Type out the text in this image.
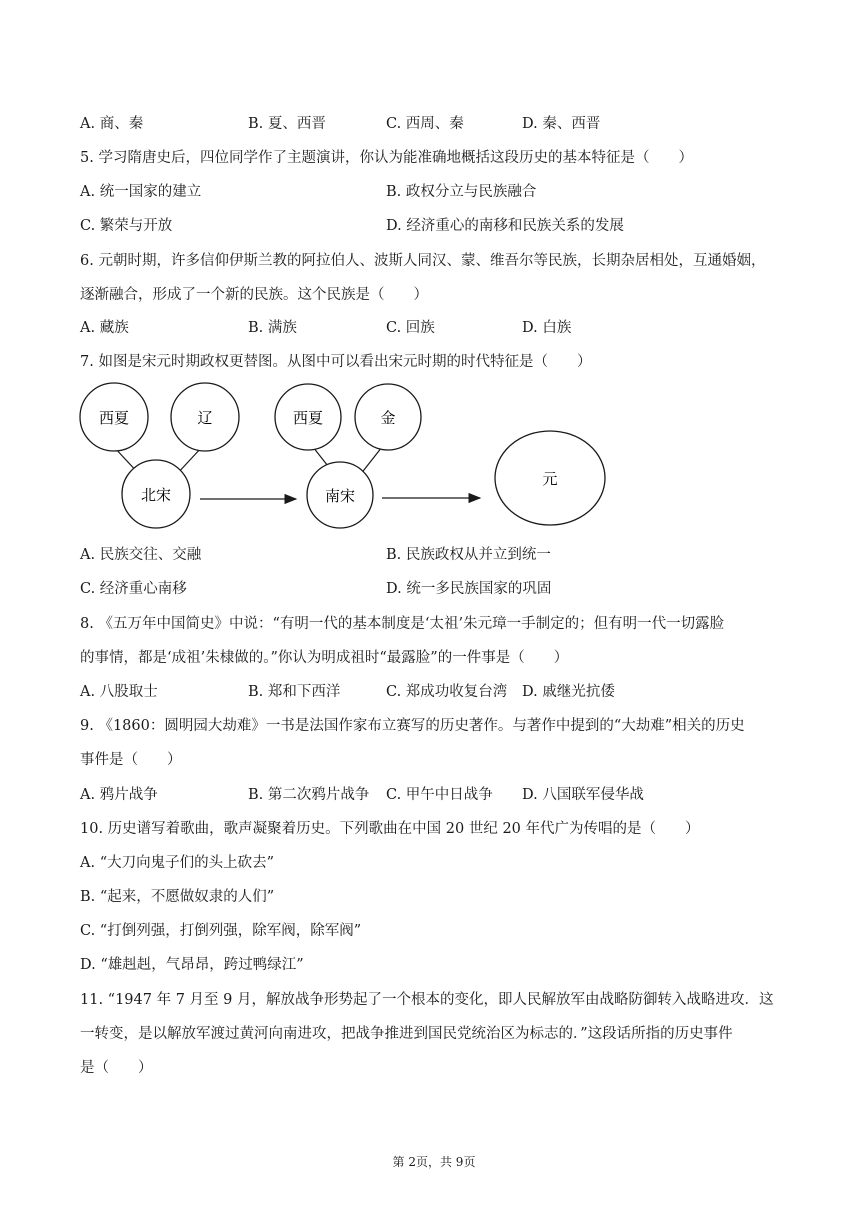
A. 商、秦	B. 夏、西晋	C. 西周、秦	D. 秦、西晋
5. 学习隋唐史后，四位同学作了主题演讲，你认为能准确地概括这段历史的基本特征是（　　）
A. 统一国家的建立	B. 政权分立与民族融合
C. 繁荣与开放	D. 经济重心的南移和民族关系的发展
6. 元朝时期，许多信仰伊斯兰教的阿拉伯人、波斯人同汉、蒙、维吾尔等民族，长期杂居相处，互通婚姻，
逐渐融合，形成了一个新的民族。这个民族是（　　）
A. 藏族	B. 满族	C. 回族	D. 白族
7. 如图是宋元时期政权更替图。从图中可以看出宋元时期的时代特征是（　　）
西夏	辽
北宋
西夏	金
南宋
元
A. 民族交往、交融	B. 民族政权从并立到统一
C. 经济重心南移	D. 统一多民族国家的巩固
8. 《五万年中国简史》中说：“有明一代的基本制度是‘太祖’朱元璋一手制定的；但有明一代一切露脸
的事情，都是‘成祖’朱棣做的。”你认为明成祖时“最露脸”的一件事是（　　）
A. 八股取士	B. 郑和下西洋	C. 郑成功收复台湾 D. 戚继光抗倭
9. 《1860：圆明园大劫难》一书是法国作家布立赛写的历史著作。与著作中提到的“大劫难”相关的历史
事件是（　　）
A. 鸦片战争	B. 第二次鸦片战争 C. 甲午中日战争 D. 八国联军侵华战
10. 历史谱写着歌曲，歌声凝聚着历史。下列歌曲在中国 20 世纪 20 年代广为传唱的是（　　）
A. “大刀向鬼子们的头上砍去”
B. “起来，不愿做奴隶的人们”
C. “打倒列强，打倒列强，除军阀，除军阀”
D. “雄赳赳，气昂昂，跨过鸭绿江”
11. “1947 年 7 月至 9 月，解放战争形势起了一个根本的变化，即人民解放军由战略防御转入战略进攻．这
一转变，是以解放军渡过黄河向南进攻，把战争推进到国民党统治区为标志的．”这段话所指的历史事件
是（　　）
第 2页，共 9页
